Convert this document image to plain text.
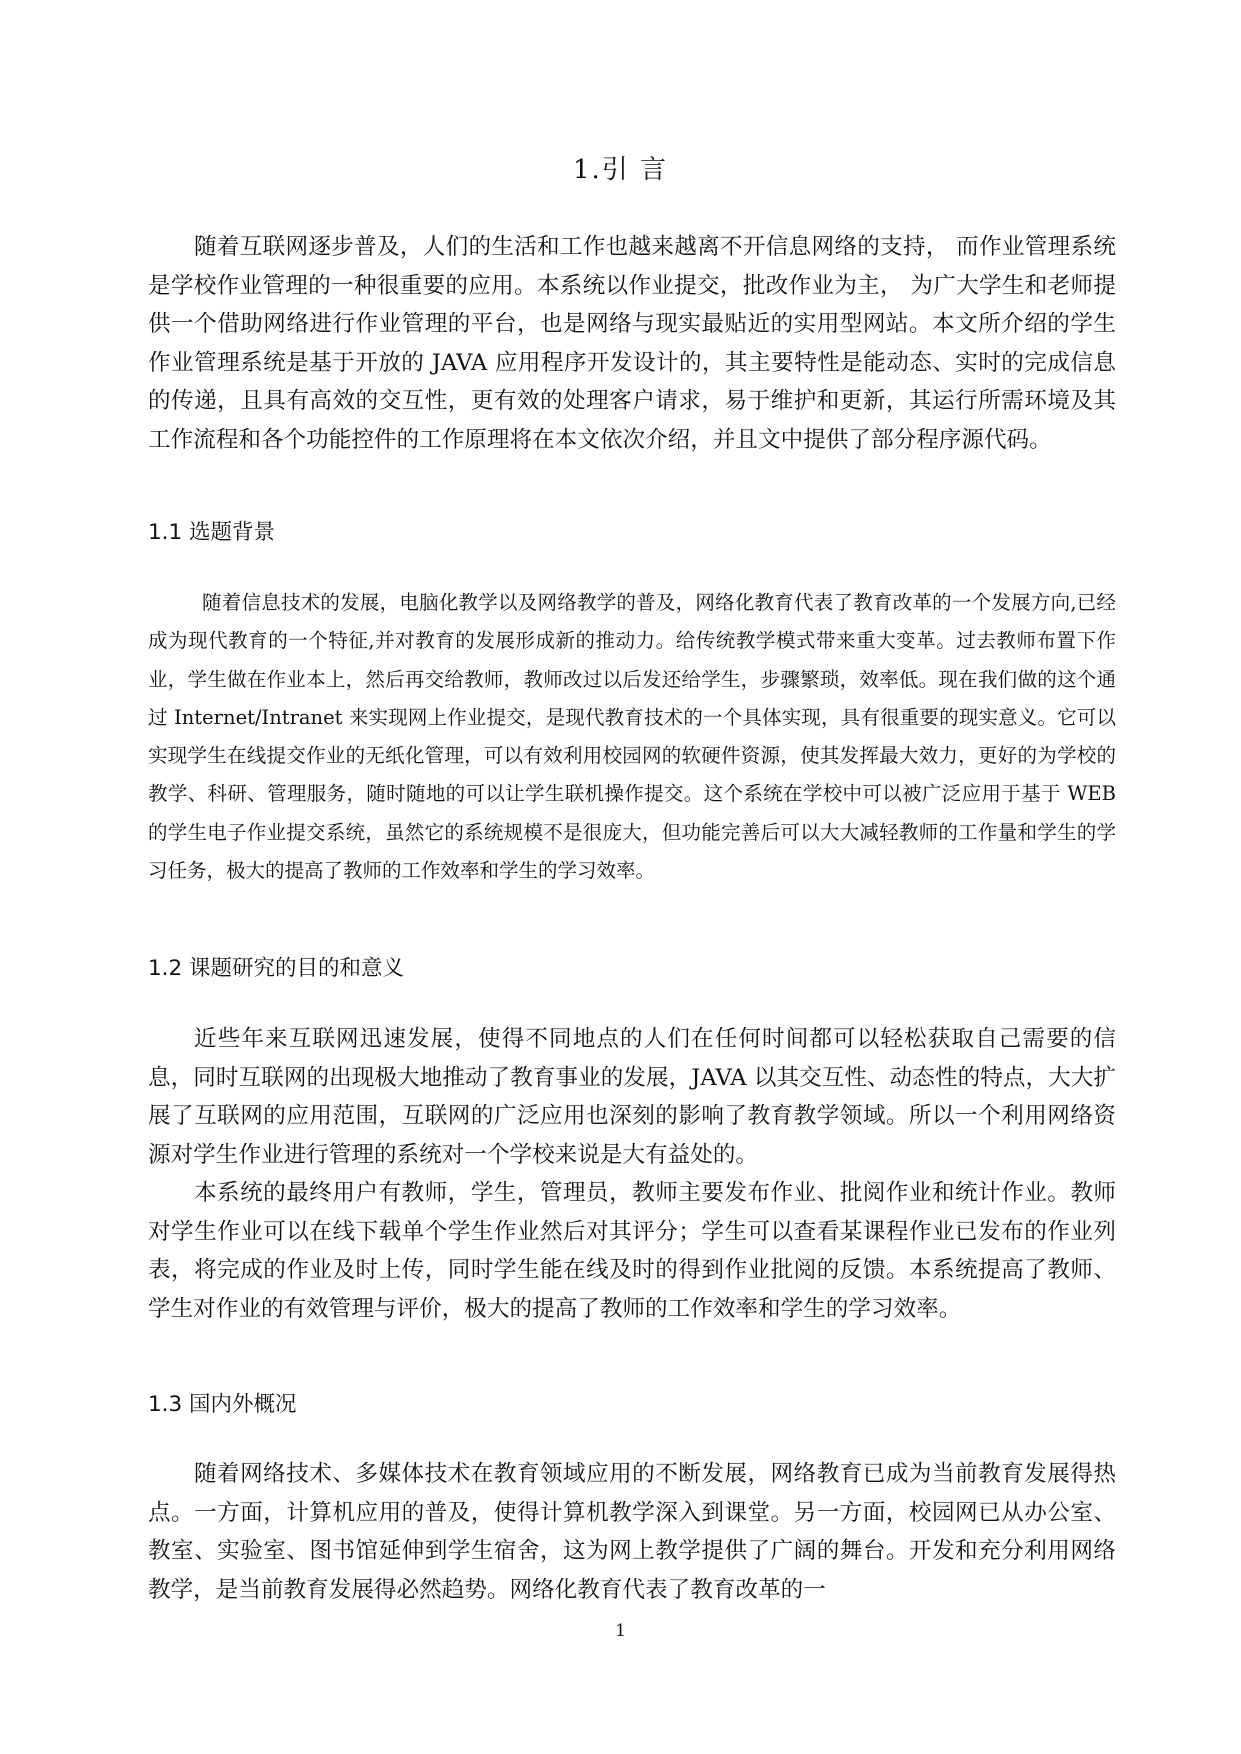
1.引 言

随着互联网逐步普及，人们的生活和工作也越来越离不开信息网络的支持， 而作业管理系统是学校作业管理的一种很重要的应用。本系统以作业提交，批改作业为主， 为广大学生和老师提供一个借助网络进行作业管理的平台，也是网络与现实最贴近的实用型网站。本文所介绍的学生作业管理系统是基于开放的 JAVA 应用程序开发设计的，其主要特性是能动态、实时的完成信息的传递，且具有高效的交互性，更有效的处理客户请求，易于维护和更新，其运行所需环境及其工作流程和各个功能控件的工作原理将在本文依次介绍，并且文中提供了部分程序源代码。

1.1 选题背景

随着信息技术的发展，电脑化教学以及网络教学的普及，网络化教育代表了教育改革的一个发展方向,已经成为现代教育的一个特征,并对教育的发展形成新的推动力。给传统教学模式带来重大变革。过去教师布置下作业，学生做在作业本上，然后再交给教师，教师改过以后发还给学生，步骤繁琐，效率低。现在我们做的这个通过 Internet/Intranet 来实现网上作业提交，是现代教育技术的一个具体实现，具有很重要的现实意义。它可以实现学生在线提交作业的无纸化管理，可以有效利用校园网的软硬件资源，使其发挥最大效力，更好的为学校的教学、科研、管理服务，随时随地的可以让学生联机操作提交。这个系统在学校中可以被广泛应用于基于 WEB 的学生电子作业提交系统，虽然它的系统规模不是很庞大，但功能完善后可以大大减轻教师的工作量和学生的学习任务，极大的提高了教师的工作效率和学生的学习效率。

1.2 课题研究的目的和意义

近些年来互联网迅速发展，使得不同地点的人们在任何时间都可以轻松获取自己需要的信息，同时互联网的出现极大地推动了教育事业的发展，JAVA 以其交互性、动态性的特点，大大扩展了互联网的应用范围，互联网的广泛应用也深刻的影响了教育教学领域。所以一个利用网络资源对学生作业进行管理的系统对一个学校来说是大有益处的。

本系统的最终用户有教师，学生，管理员，教师主要发布作业、批阅作业和统计作业。教师对学生作业可以在线下载单个学生作业然后对其评分；学生可以查看某课程作业已发布的作业列表，将完成的作业及时上传，同时学生能在线及时的得到作业批阅的反馈。本系统提高了教师、学生对作业的有效管理与评价，极大的提高了教师的工作效率和学生的学习效率。

1.3 国内外概况

随着网络技术、多媒体技术在教育领域应用的不断发展，网络教育已成为当前教育发展得热点。一方面，计算机应用的普及，使得计算机教学深入到课堂。另一方面，校园网已从办公室、教室、实验室、图书馆延伸到学生宿舍，这为网上教学提供了广阔的舞台。开发和充分利用网络教学，是当前教育发展得必然趋势。网络化教育代表了教育改革的一

1
